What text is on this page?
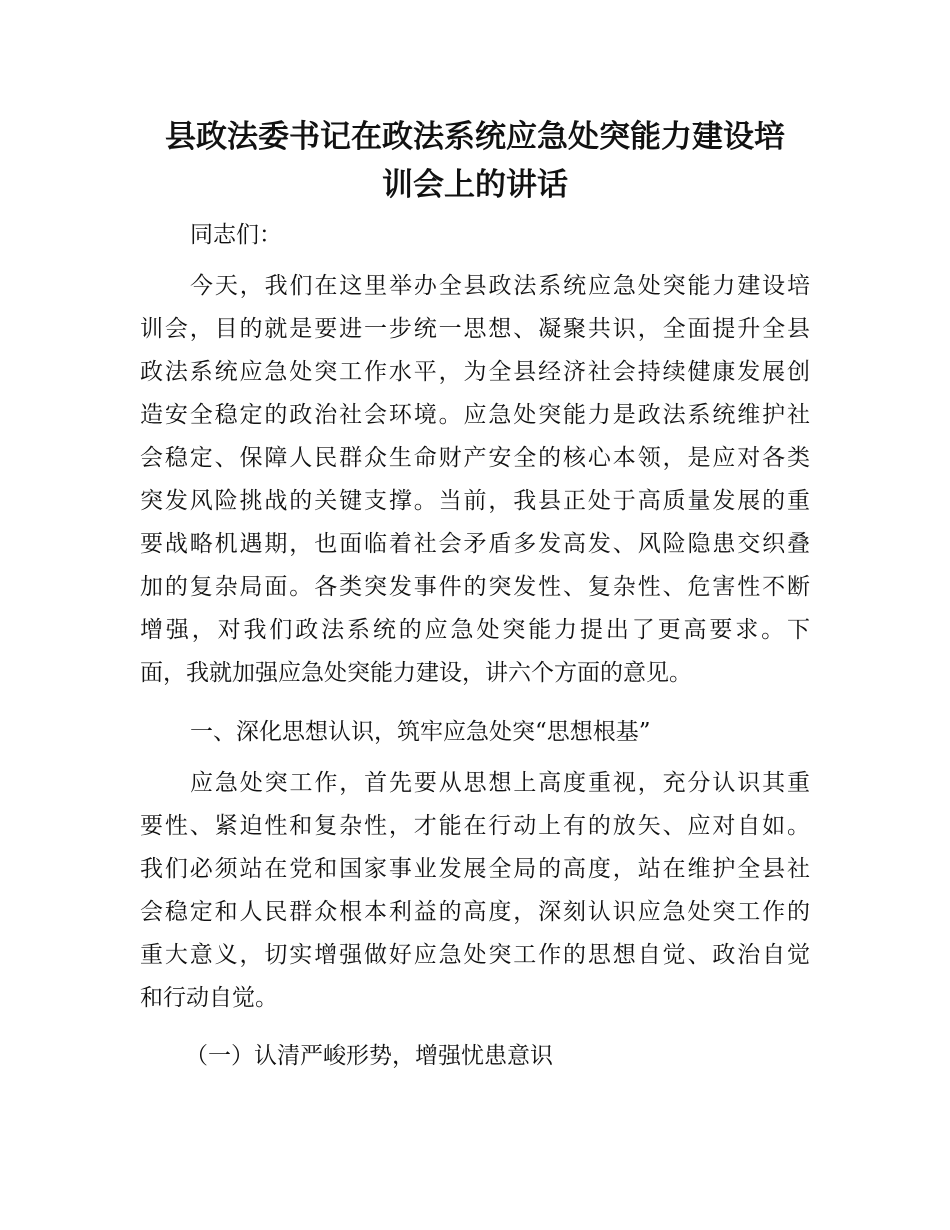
县政法委书记在政法系统应急处突能力建设培
训会上的讲话
同志们：
今天，我们在这里举办全县政法系统应急处突能力建设培
训会，目的就是要进一步统一思想、凝聚共识，全面提升全县
政法系统应急处突工作水平，为全县经济社会持续健康发展创
造安全稳定的政治社会环境。应急处突能力是政法系统维护社
会稳定、保障人民群众生命财产安全的核心本领，是应对各类
突发风险挑战的关键支撑。当前，我县正处于高质量发展的重
要战略机遇期，也面临着社会矛盾多发高发、风险隐患交织叠
加的复杂局面。各类突发事件的突发性、复杂性、危害性不断
增强，对我们政法系统的应急处突能力提出了更高要求。下
面，我就加强应急处突能力建设，讲六个方面的意见。
一、深化思想认识，筑牢应急处突“思想根基”
应急处突工作，首先要从思想上高度重视，充分认识其重
要性、紧迫性和复杂性，才能在行动上有的放矢、应对自如。
我们必须站在党和国家事业发展全局的高度，站在维护全县社
会稳定和人民群众根本利益的高度，深刻认识应急处突工作的
重大意义，切实增强做好应急处突工作的思想自觉、政治自觉
和行动自觉。
（一）认清严峻形势，增强忧患意识
